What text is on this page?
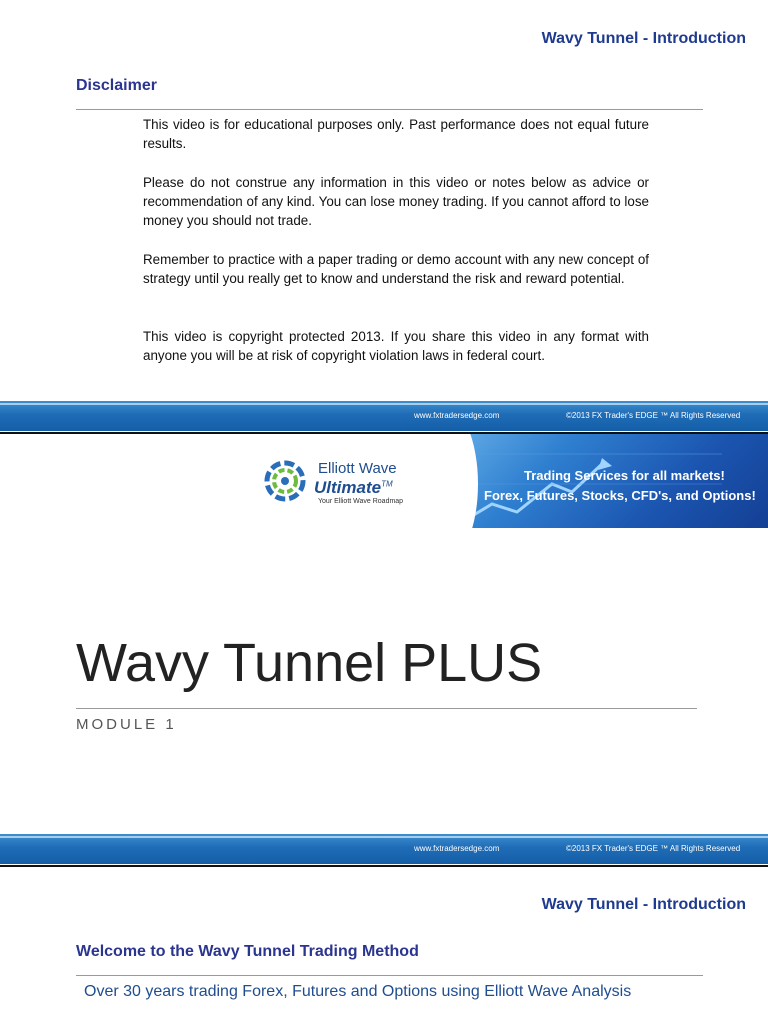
Wavy Tunnel - Introduction
Disclaimer

This video is for educational purposes only. Past performance does not equal future results.

Please do not construe any information in this video or notes below as advice or recommendation of any kind. You can lose money trading. If you cannot afford to lose money you should not trade.

Remember to practice with a paper trading or demo account with any new concept of strategy until you really get to know and understand the risk and reward potential.

This video is copyright protected 2013. If you share this video in any format with anyone you will be at risk of copyright violation laws in federal court.

www.fxtradersedge.com	©2013 FX Trader's EDGE ™ All Rights Reserved
Elliott Wave
Ultimate™
Your Elliott Wave Roadmap
Trading Services for all markets!
Forex, Futures, Stocks, CFD's, and Options!
Wavy Tunnel PLUS
MODULE 1
www.fxtradersedge.com	©2013 FX Trader's EDGE ™ All Rights Reserved
Wavy Tunnel - Introduction
Welcome to the Wavy Tunnel Trading Method
Over 30 years trading Forex, Futures and Options using Elliott Wave Analysis
